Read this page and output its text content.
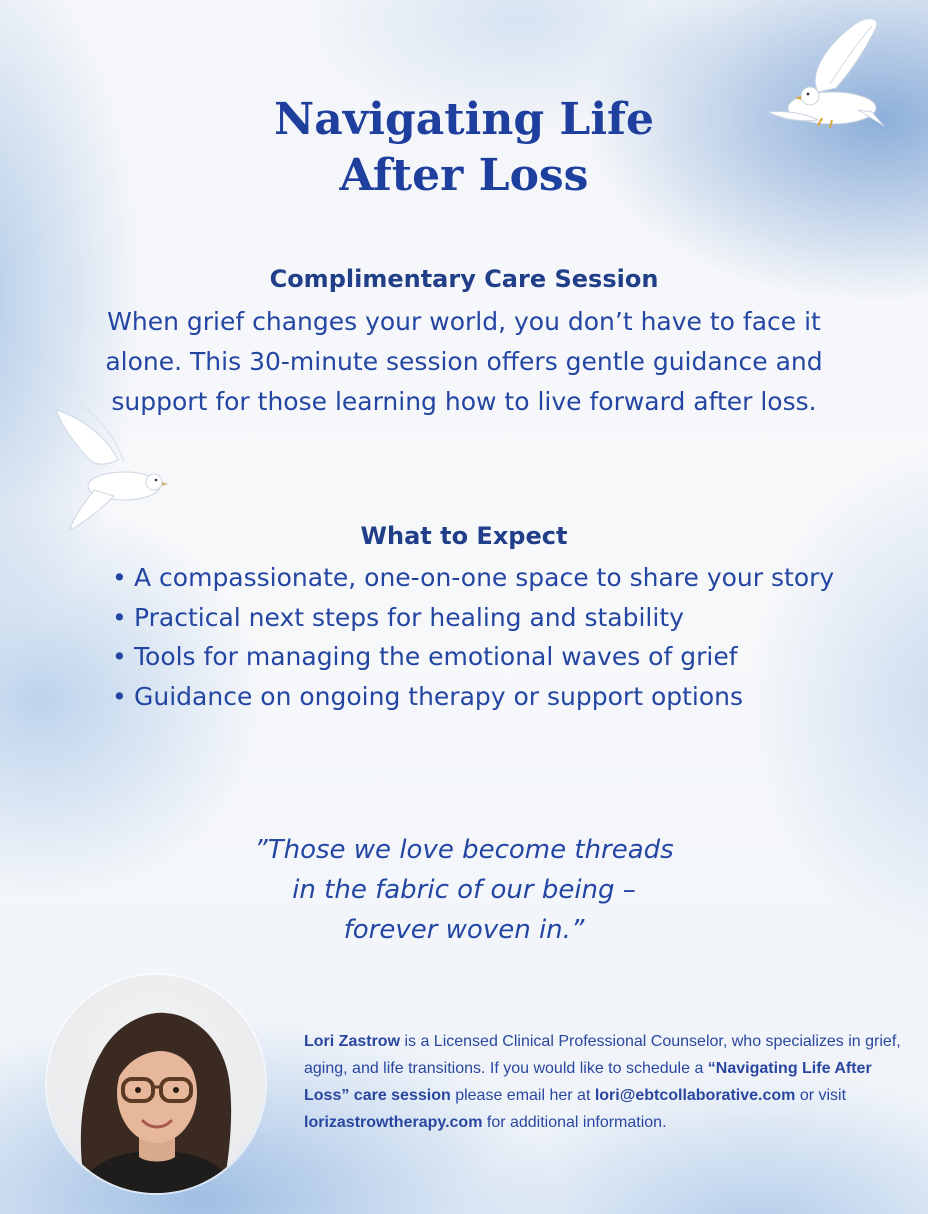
Navigating Life
After Loss
Complimentary Care Session

When grief changes your world, you don’t have to face it alone. This 30-minute session offers gentle guidance and support for those learning how to live forward after loss.

What to Expect
• A compassionate, one-on-one space to share your story
• Practical next steps for healing and stability
• Tools for managing the emotional waves of grief
• Guidance on ongoing therapy or support options

”Those we love become threads
in the fabric of our being –
forever woven in.”

Lori Zastrow is a Licensed Clinical Professional Counselor, who specializes in grief, aging, and life transitions. If you would like to schedule a “Navigating Life After Loss” care session please email her at lori@ebtcollaborative.com or visit lorizastrowtherapy.com for additional information.
